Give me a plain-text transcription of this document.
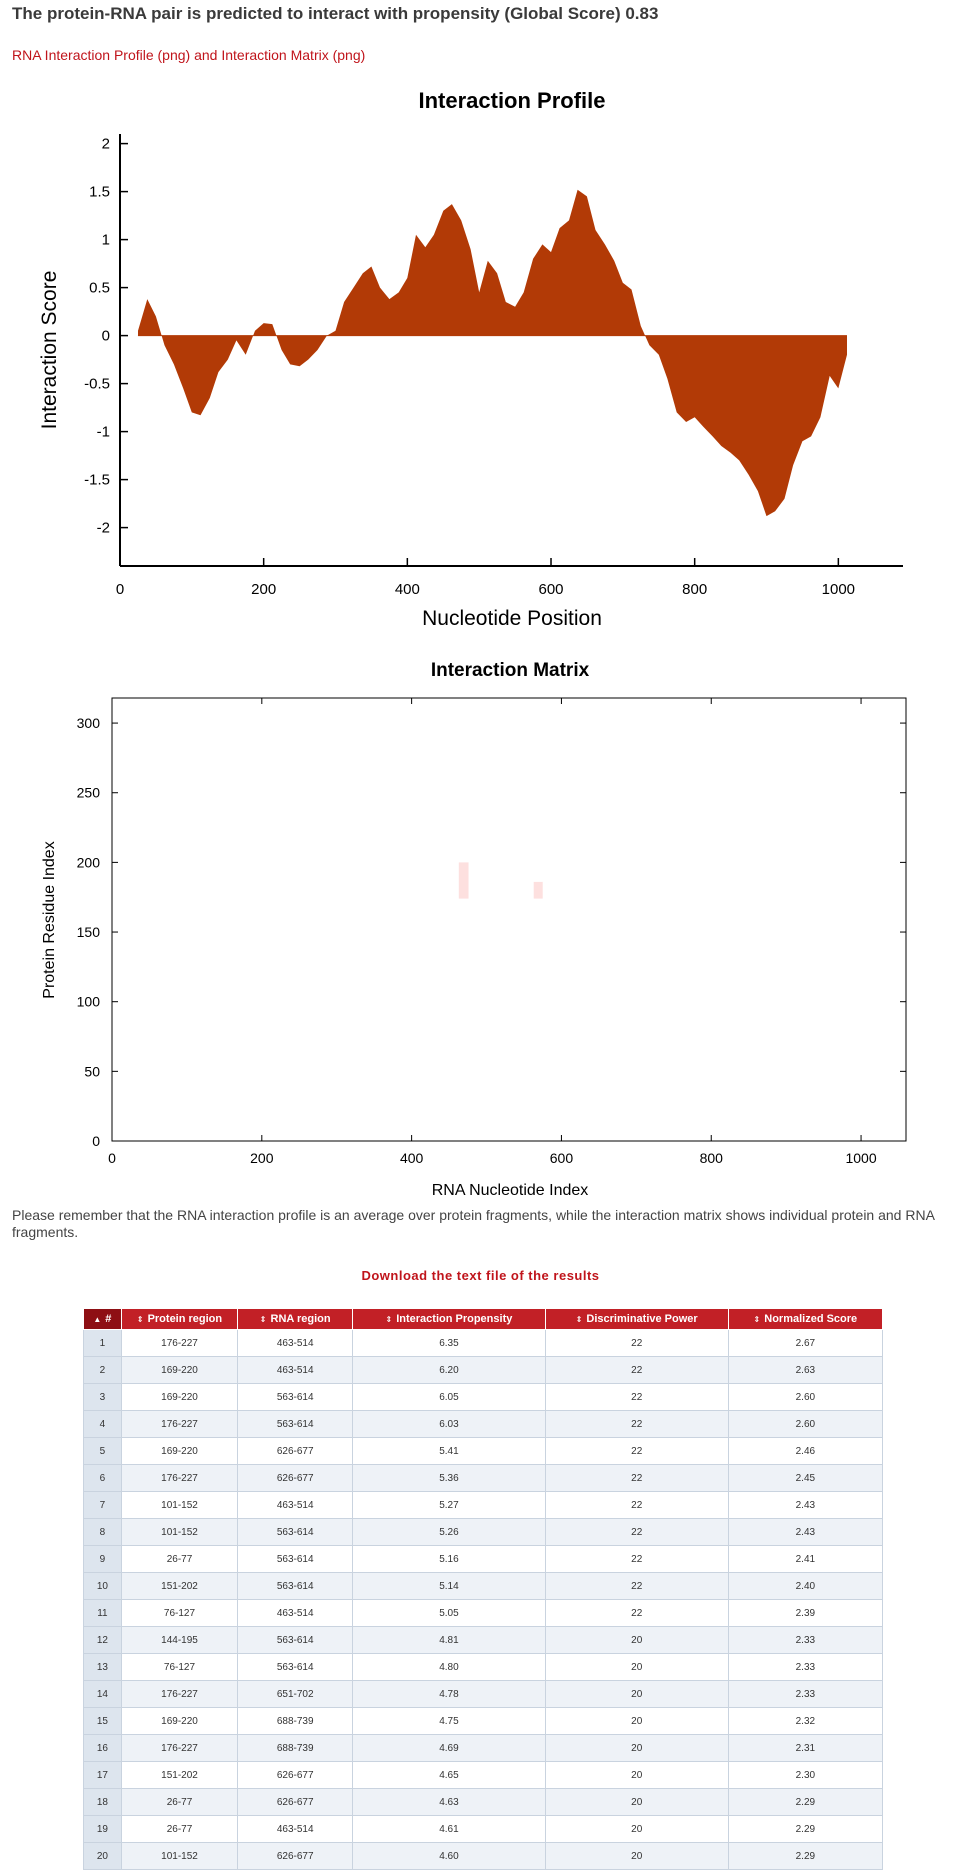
The protein-RNA pair is predicted to interact with propensity (Global Score) 0.83
RNA Interaction Profile (png) and Interaction Matrix (png)
Interaction Profile
2
1.5
1
0.5
0
-0.5
-1
-1.5
-2
0	200	400	600	800	1000
Nucleotide Position
Interaction Score
Interaction Matrix
0	200	400	600	800	1000
0
50
100
150
200
250
300
RNA Nucleotide Index
Protein Residue Index
Please remember that the RNA interaction profile is an average over protein fragments, while the interaction matrix shows individual protein and RNA fragments.
Download the text file of the results
▲ #	⇕ Protein region	⇕ RNA region	⇕ Interaction Propensity	⇕ Discriminative Power	⇕ Normalized Score
1	176-227	463-514	6.35	22	2.67
2	169-220	463-514	6.20	22	2.63
3	169-220	563-614	6.05	22	2.60
4	176-227	563-614	6.03	22	2.60
5	169-220	626-677	5.41	22	2.46
6	176-227	626-677	5.36	22	2.45
7	101-152	463-514	5.27	22	2.43
8	101-152	563-614	5.26	22	2.43
9	26-77	563-614	5.16	22	2.41
10	151-202	563-614	5.14	22	2.40
11	76-127	463-514	5.05	22	2.39
12	144-195	563-614	4.81	20	2.33
13	76-127	563-614	4.80	20	2.33
14	176-227	651-702	4.78	20	2.33
15	169-220	688-739	4.75	20	2.32
16	176-227	688-739	4.69	20	2.31
17	151-202	626-677	4.65	20	2.30
18	26-77	626-677	4.63	20	2.29
19	26-77	463-514	4.61	20	2.29
20	101-152	626-677	4.60	20	2.29
